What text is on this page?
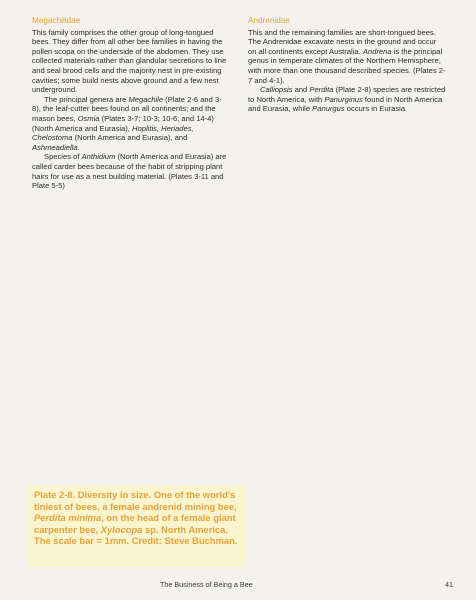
Megachilidae

This family comprises the other group of long-tongued bees. They differ from all other bee families in having the pollen scopa on the underside of the abdomen. They use collected materials rather than glandular secretions to line and seal brood cells and the majority nest in pre-existing cavities; some build nests above ground and a few nest underground.

The principal genera are Megachile (Plate 2-6 and 3-8), the leaf-cutter bees found on all continents; and the mason bees, Osmia (Plates 3-7; 10-3; 10-6; and 14-4) (North America and Eurasia), Hoplitis, Heriades, Chelostoma (North America and Eurasia), and Ashmeadiella.

Species of Anthidium (North America and Eurasia) are called carder bees because of the habit of stripping plant hairs for use as a nest building material. (Plates 3-11 and Plate 5-5)

Andrenidae

This and the remaining families are short-tongued bees. The Andrenidae excavate nests in the ground and occur on all continents except Australia. Andrena is the principal genus in temperate climates of the Northern Hemisphere, with more than one thousand described species. (Plates 2-7 and 4-1).

Calliopsis and Perdita (Plate 2-8) species are restricted to North America, with Panurginus found in North America and Eurasia, while Panurgus occurs in Eurasia.

Plate 2-8. Diversity in size. One of the world's tiniest of bees, a female andrenid mining bee, Perdita minima, on the head of a female giant carpenter bee, Xylocopa sp. North America. The scale bar = 1mm. Credit: Steve Buchman.
The Business of Being a Bee	41
